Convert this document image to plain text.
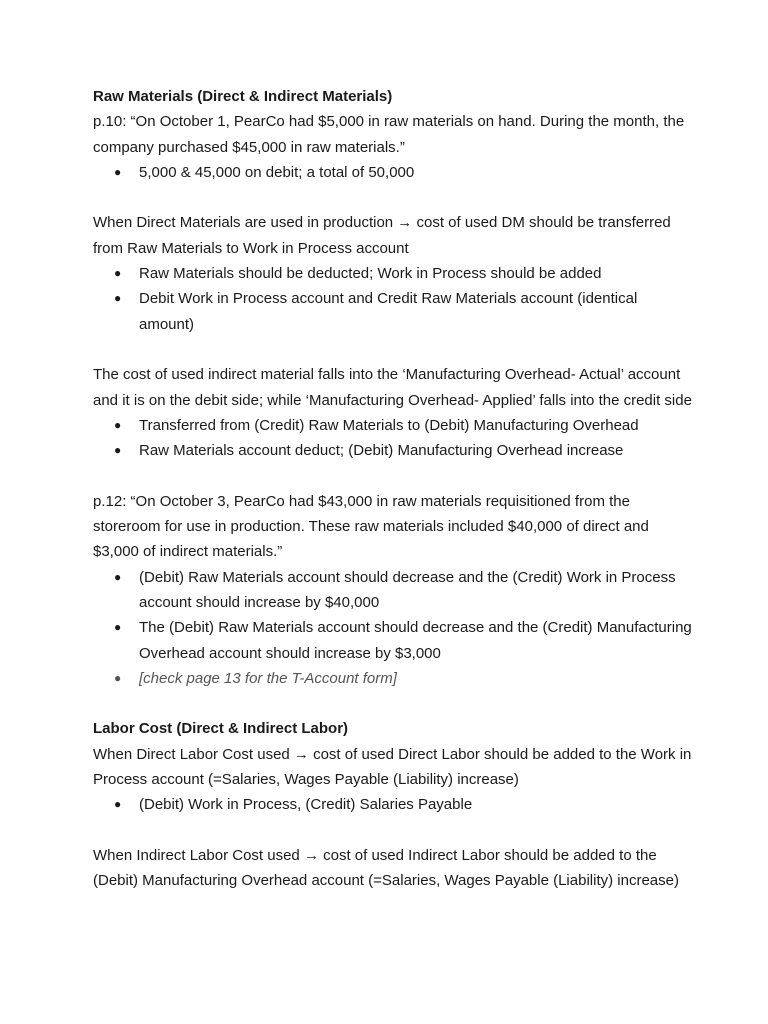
Raw Materials (Direct & Indirect Materials)

p.10: “On October 1, PearCo had $5,000 in raw materials on hand. During the month, the company purchased $45,000 in raw materials.”

● 5,000 & 45,000 on debit; a total of 50,000

When Direct Materials are used in production → cost of used DM should be transferred from Raw Materials to Work in Process account

● Raw Materials should be deducted; Work in Process should be added
● Debit Work in Process account and Credit Raw Materials account (identical amount)

The cost of used indirect material falls into the ‘Manufacturing Overhead- Actual’ account and it is on the debit side; while ‘Manufacturing Overhead- Applied’ falls into the credit side

● Transferred from (Credit) Raw Materials to (Debit) Manufacturing Overhead
● Raw Materials account deduct; (Debit) Manufacturing Overhead increase

p.12: “On October 3, PearCo had $43,000 in raw materials requisitioned from the storeroom for use in production. These raw materials included $40,000 of direct and $3,000 of indirect materials.”

● (Debit) Raw Materials account should decrease and the (Credit) Work in Process account should increase by $40,000
● The (Debit) Raw Materials account should decrease and the (Credit) Manufacturing Overhead account should increase by $3,000
● [check page 13 for the T-Account form]

Labor Cost (Direct & Indirect Labor)

When Direct Labor Cost used → cost of used Direct Labor should be added to the Work in Process account (=Salaries, Wages Payable (Liability) increase)

● (Debit) Work in Process, (Credit) Salaries Payable

When Indirect Labor Cost used → cost of used Indirect Labor should be added to the (Debit) Manufacturing Overhead account (=Salaries, Wages Payable (Liability) increase)
